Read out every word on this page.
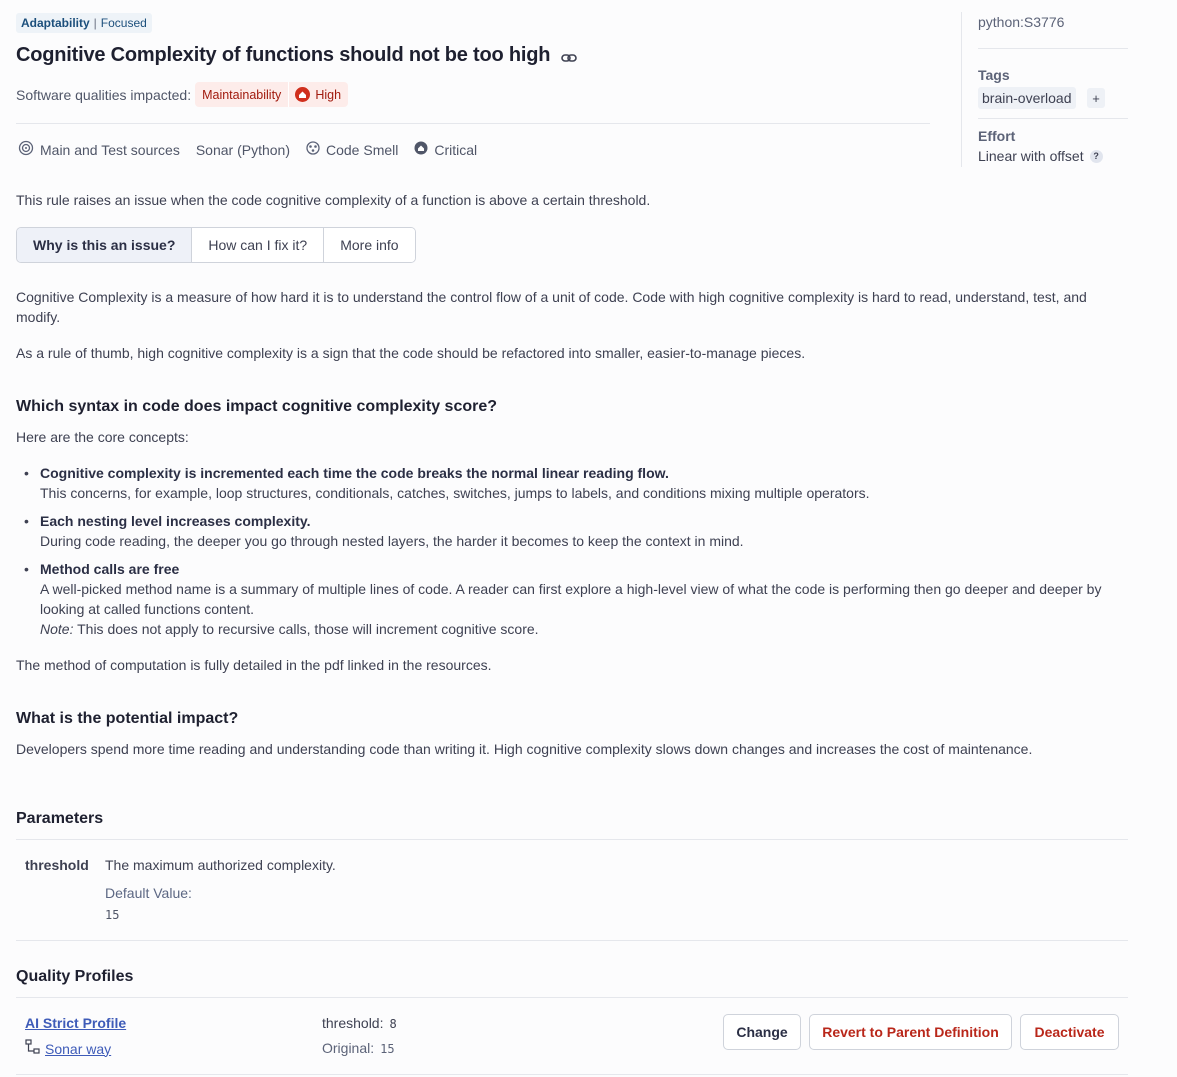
Adaptability | Focused
Cognitive Complexity of functions should not be too high
Software qualities impacted: Maintainability	High
Main and Test sources Sonar (Python)	Code Smell	Critical
This rule raises an issue when the code cognitive complexity of a function is above a certain threshold.
Why is this an issue?	How can I fix it?	More info
Cognitive Complexity is a measure of how hard it is to understand the control flow of a unit of code. Code with high cognitive complexity is hard to read, understand, test, and modify.
As a rule of thumb, high cognitive complexity is a sign that the code should be refactored into smaller, easier-to-manage pieces.
Which syntax in code does impact cognitive complexity score?
Here are the core concepts:
• Cognitive complexity is incremented each time the code breaks the normal linear reading flow.
This concerns, for example, loop structures, conditionals, catches, switches, jumps to labels, and conditions mixing multiple operators.
• Each nesting level increases complexity.
During code reading, the deeper you go through nested layers, the harder it becomes to keep the context in mind.
• Method calls are free
A well-picked method name is a summary of multiple lines of code. A reader can first explore a high-level view of what the code is performing then go deeper and deeper by looking at called functions content.
Note: This does not apply to recursive calls, those will increment cognitive score.
The method of computation is fully detailed in the pdf linked in the resources.
What is the potential impact?
Developers spend more time reading and understanding code than writing it. High cognitive complexity slows down changes and increases the cost of maintenance.
Parameters
threshold The maximum authorized complexity.
Default Value:
15
Quality Profiles
AI Strict Profile
Sonar way
threshold: 8
Original: 15
Change	Revert to Parent Definition	Deactivate
python:S3776
Tags
brain-overload	+
Effort
Linear with offset	?
